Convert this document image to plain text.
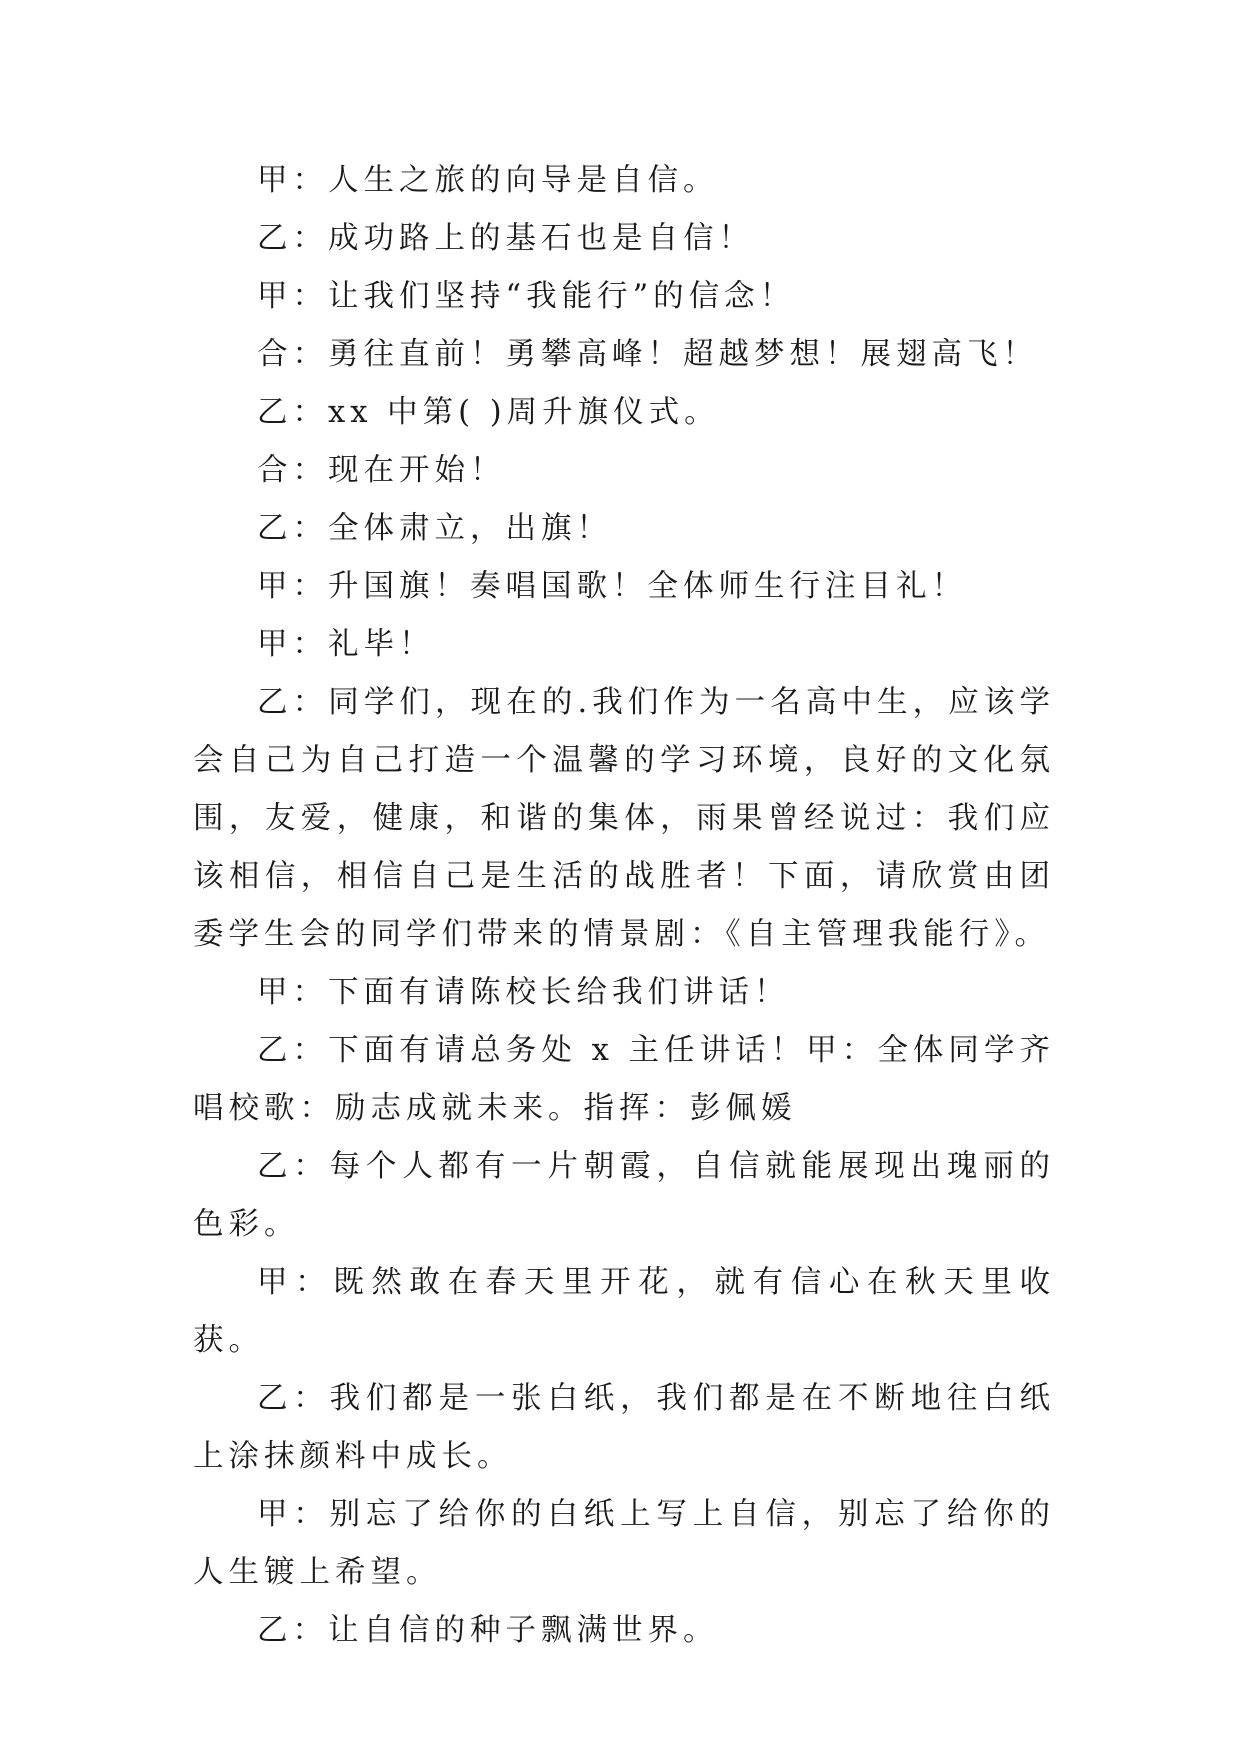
甲：人生之旅的向导是自信。

乙：成功路上的基石也是自信！

甲：让我们坚持“我能行”的信念！

合：勇往直前！勇攀高峰！超越梦想！展翅高飞！

乙：xx 中第( )周升旗仪式。

合：现在开始！

乙：全体肃立，出旗！

甲：升国旗！奏唱国歌！全体师生行注目礼！

甲：礼毕！

乙：同学们，现在的.我们作为一名高中生，应该学会自己为自己打造一个温馨的学习环境，良好的文化氛围，友爱，健康，和谐的集体，雨果曾经说过：我们应该相信，相信自己是生活的战胜者！下面，请欣赏由团委学生会的同学们带来的情景剧：《自主管理我能行》。

甲：下面有请陈校长给我们讲话！

乙：下面有请总务处 x 主任讲话！甲：全体同学齐唱校歌：励志成就未来。指挥：彭佩媛

乙：每个人都有一片朝霞，自信就能展现出瑰丽的色彩。

甲：既然敢在春天里开花，就有信心在秋天里收获。

乙：我们都是一张白纸，我们都是在不断地往白纸上涂抹颜料中成长。

甲：别忘了给你的白纸上写上自信，别忘了给你的人生镀上希望。

乙：让自信的种子飘满世界。
